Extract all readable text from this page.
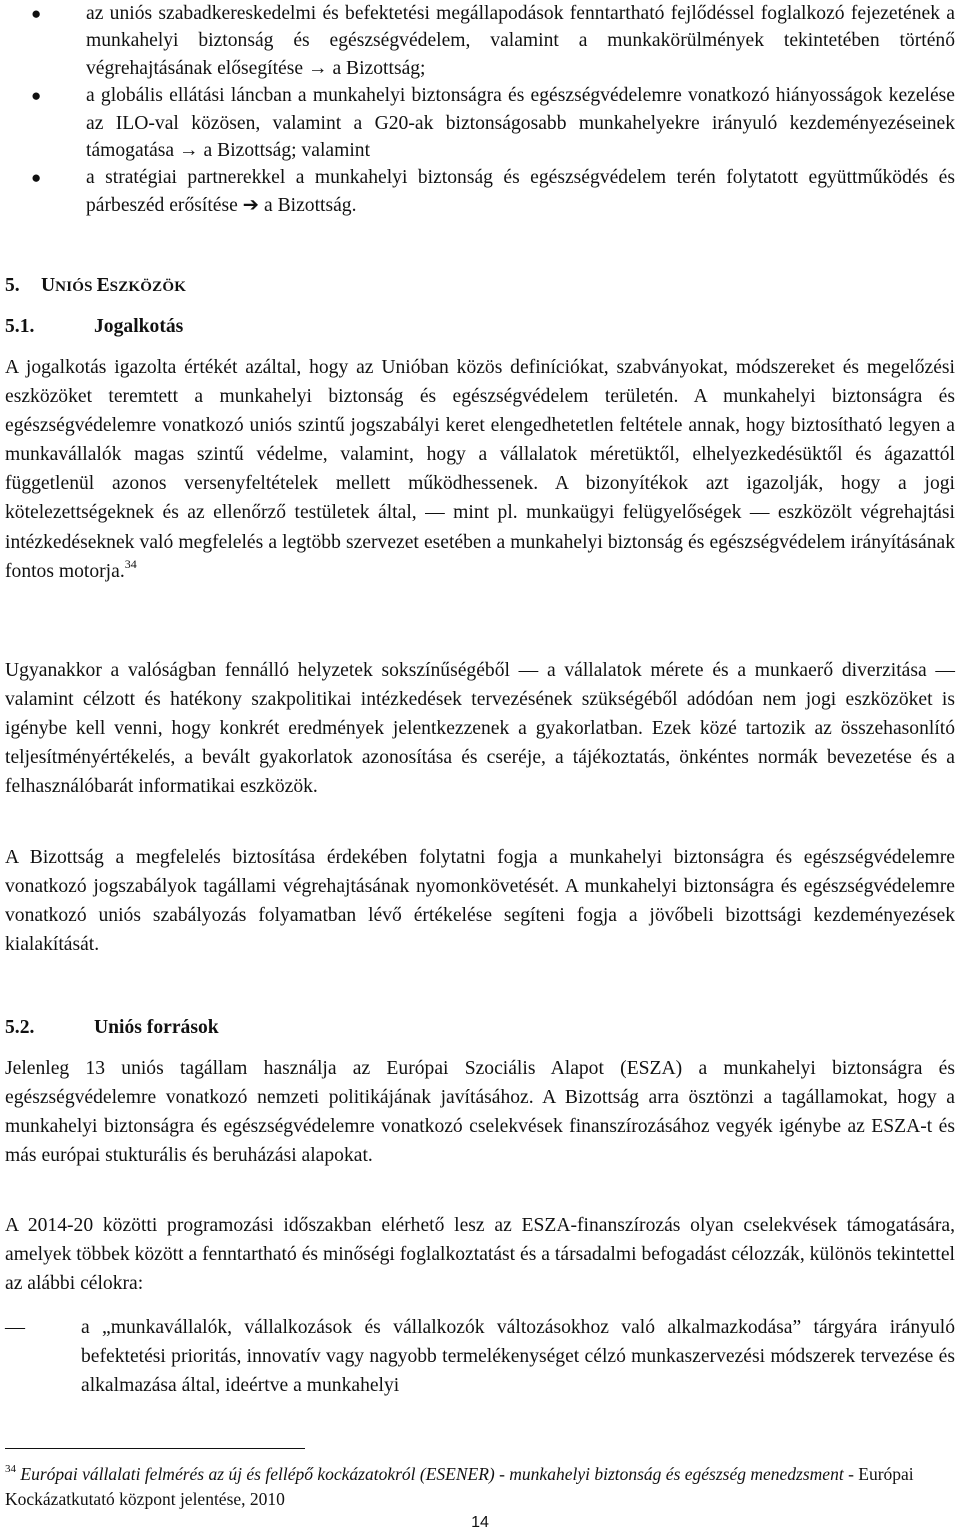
● az uniós szabadkereskedelmi és befektetési megállapodások fenntartható fejlődéssel foglalkozó fejezetének a munkahelyi biztonság és egészségvédelem, valamint a munkakörülmények tekintetében történő végrehajtásának elősegítése → a Bizottság;
● a globális ellátási láncban a munkahelyi biztonságra és egészségvédelemre vonatkozó hiányosságok kezelése az ILO-val közösen, valamint a G20-ak biztonságosabb munkahelyekre irányuló kezdeményezéseinek támogatása → a Bizottság; valamint
● a stratégiai partnerekkel a munkahelyi biztonság és egészségvédelem terén folytatott együttműködés és párbeszéd erősítése ➔ a Bizottság.
5. UNIÓS ESZKÖZÖK
5.1.	Jogalkotás

A jogalkotás igazolta értékét azáltal, hogy az Unióban közös definíciókat, szabványokat, módszereket és megelőzési eszközöket teremtett a munkahelyi biztonság és egészségvédelem területén. A munkahelyi biztonságra és egészségvédelemre vonatkozó uniós szintű jogszabályi keret elengedhetetlen feltétele annak, hogy biztosítható legyen a munkavállalók magas szintű védelme, valamint, hogy a vállalatok méretüktől, elhelyezkedésüktől és ágazattól függetlenül azonos versenyfeltételek mellett működhessenek. A bizonyítékok azt igazolják, hogy a jogi kötelezettségeknek és az ellenőrző testületek által, — mint pl. munkaügyi felügyelőségek — eszközölt végrehajtási intézkedéseknek való megfelelés a legtöbb szervezet esetében a munkahelyi biztonság és egészségvédelem irányításának fontos motorja.$^{34}$

Ugyanakkor a valóságban fennálló helyzetek sokszínűségéből — a vállalatok mérete és a munkaerő diverzitása — valamint célzott és hatékony szakpolitikai intézkedések tervezésének szükségéből adódóan nem jogi eszközöket is igénybe kell venni, hogy konkrét eredmények jelentkezzenek a gyakorlatban. Ezek közé tartozik az összehasonlító teljesítményértékelés, a bevált gyakorlatok azonosítása és cseréje, a tájékoztatás, önkéntes normák bevezetése és a felhasználóbarát informatikai eszközök.

A Bizottság a megfelelés biztosítása érdekében folytatni fogja a munkahelyi biztonságra és egészségvédelemre vonatkozó jogszabályok tagállami végrehajtásának nyomonkövetését. A munkahelyi biztonságra és egészségvédelemre vonatkozó uniós szabályozás folyamatban lévő értékelése segíteni fogja a jövőbeli bizottsági kezdeményezések kialakítását.

5.2.	Uniós források

Jelenleg 13 uniós tagállam használja az Európai Szociális Alapot (ESZA) a munkahelyi biztonságra és egészségvédelemre vonatkozó nemzeti politikájának javításához. A Bizottság arra ösztönzi a tagállamokat, hogy a munkahelyi biztonságra és egészségvédelemre vonatkozó cselekvések finanszírozásához vegyék igénybe az ESZA-t és más európai stukturális és beruházási alapokat.

A 2014-20 közötti programozási időszakban elérhető lesz az ESZA-finanszírozás olyan cselekvések támogatására, amelyek többek között a fenntartható és minőségi foglalkoztatást és a társadalmi befogadást célozzák, különös tekintettel az alábbi célokra:

—	a „munkavállalók, vállalkozások és vállalkozók változásokhoz való alkalmazkodása” tárgyára irányuló befektetési prioritás, innovatív vagy nagyobb termelékenységet célzó munkaszervezési módszerek tervezése és alkalmazása által, ideértve a munkahelyi
$^{34}$ Európai vállalati felmérés az új és fellépő kockázatokról (ESENER) - munkahelyi biztonság és egészség menedzsment - Európai Kockázatkutató központ jelentése, 2010
14
